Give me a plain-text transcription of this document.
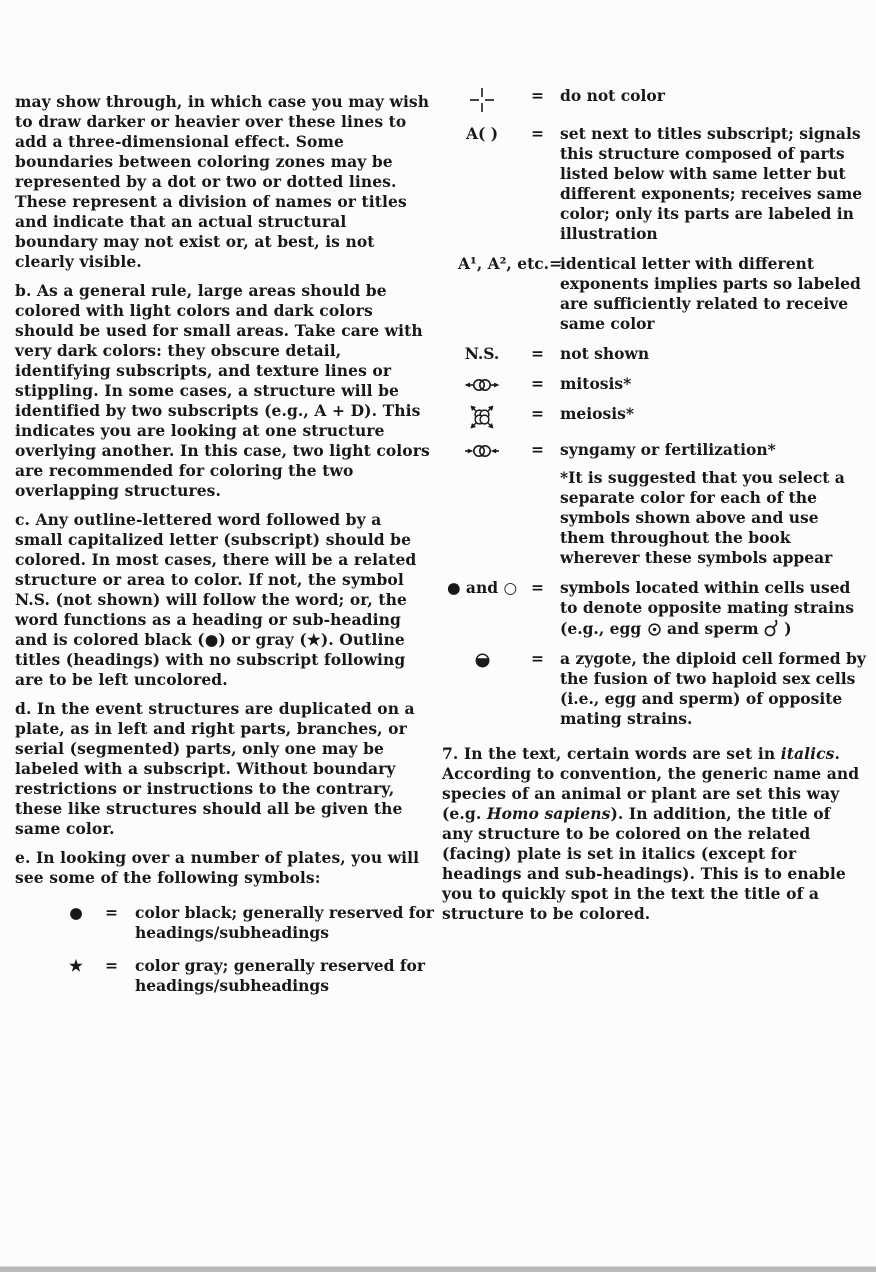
may show through, in which case you may wish to draw darker or heavier over these lines to add a three-dimensional effect. Some boundaries between coloring zones may be represented by a dot or two or dotted lines. These represent a division of names or titles and indicate that an actual structural boundary may not exist or, at best, is not clearly visible.

b. As a general rule, large areas should be colored with light colors and dark colors should be used for small areas. Take care with very dark colors: they obscure detail, identifying subscripts, and texture lines or stippling. In some cases, a structure will be identified by two subscripts (e.g., A + D). This indicates you are looking at one structure overlying another. In this case, two light colors are recommended for coloring the two overlapping structures.

c. Any outline-lettered word followed by a small capitalized letter (subscript) should be colored. In most cases, there will be a related structure or area to color. If not, the symbol N.S. (not shown) will follow the word; or, the word functions as a heading or sub-heading and is colored black (●) or gray (★). Outline titles (headings) with no subscript following are to be left uncolored.

d. In the event structures are duplicated on a plate, as in left and right parts, branches, or serial (segmented) parts, only one may be labeled with a subscript. Without boundary restrictions or instructions to the contrary, these like structures should all be given the same color.

e. In looking over a number of plates, you will see some of the following symbols:

●	=	color black; generally reserved for headings/subheadings
★	=	color gray; generally reserved for headings/subheadings
=	do not color
A( )	=	set next to titles subscript; signals this structure composed of parts listed below with same letter but different exponents; receives same color; only its parts are labeled in illustration
A¹, A², etc.=
identical letter with different exponents implies parts so labeled are sufficiently related to receive same color
N.S.	=	not shown
=	mitosis*
=	meiosis*
=	syngamy or fertilization*
*It is suggested that you select a separate color for each of the symbols shown above and use them throughout the book wherever these symbols appear
● and ○ =	symbols located within cells used to denote opposite mating strains (e.g., egg  and sperm  )
=	a zygote, the diploid cell formed by the fusion of two haploid sex cells (i.e., egg and sperm) of opposite mating strains.

7. In the text, certain words are set in italics. According to convention, the generic name and species of an animal or plant are set this way (e.g. Homo sapiens). In addition, the title of any structure to be colored on the related (facing) plate is set in italics (except for headings and sub-headings). This is to enable you to quickly spot in the text the title of a structure to be colored.
